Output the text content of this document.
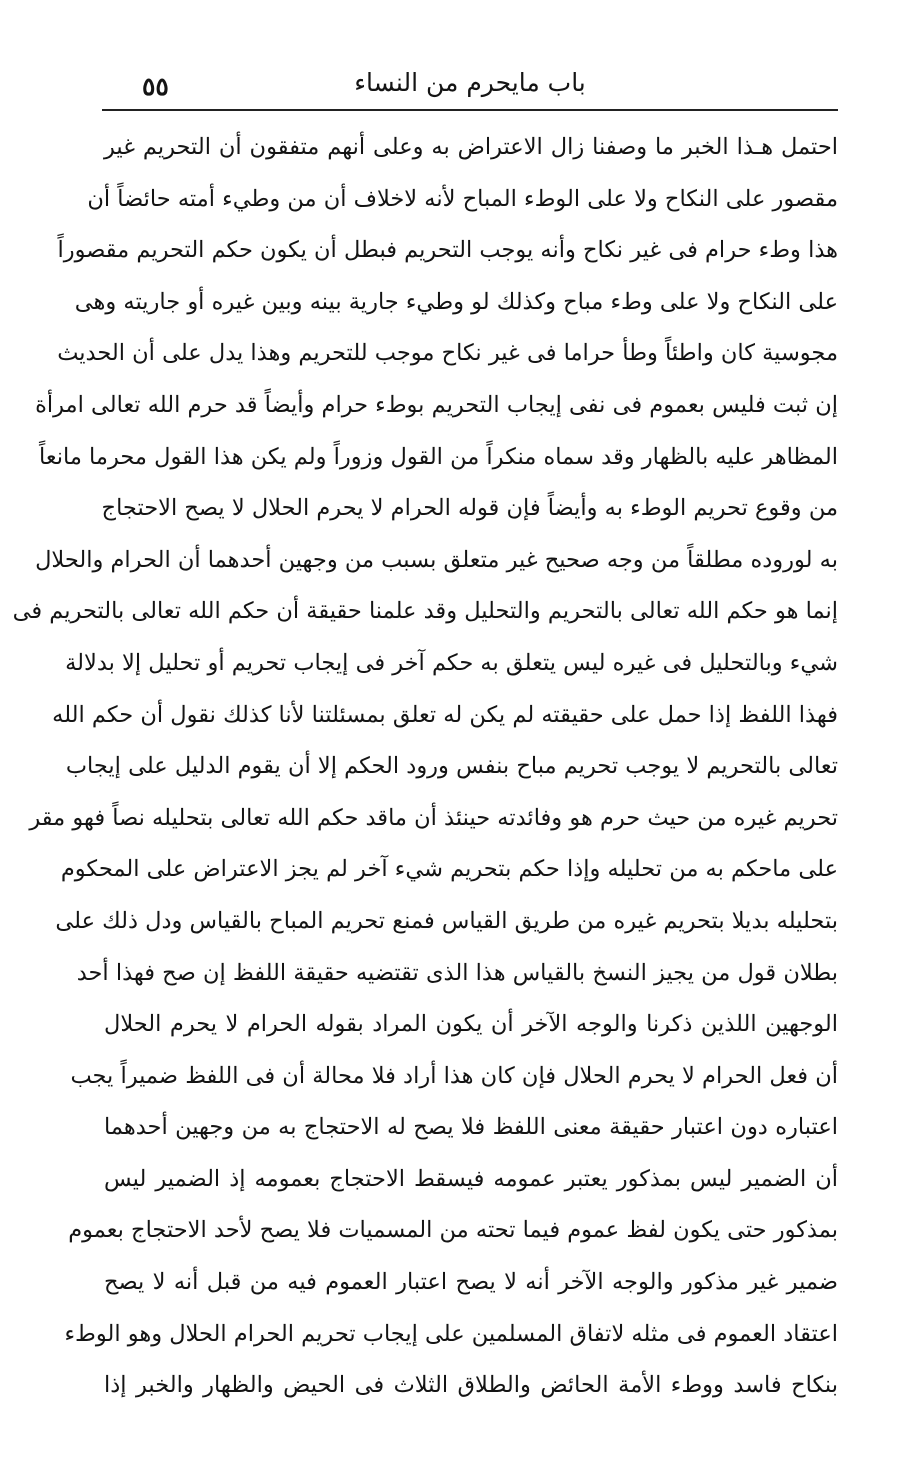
٥٥	باب مايحرم من النساء
احتمل هـذا الخبر ما وصفنا زال الاعتراض به وعلى أنهم متفقون أن التحريم غير
مقصور على النكاح ولا على الوطء المباح لأنه لاخلاف أن من وطيء أمته حائضاً أن
هذا وطء حرام فى غير نكاح وأنه يوجب التحريم فبطل أن يكون حكم التحريم مقصوراً
على النكاح ولا على وطء مباح وكذلك لو وطيء جارية بينه وبين غيره أو جاريته وهى
مجوسية كان واطئاً وطأ حراما فى غير نكاح موجب للتحريم وهذا يدل على أن الحديث
إن ثبت فليس بعموم فى نفى إيجاب التحريم بوطء حرام وأيضاً قد حرم الله تعالى امرأة
المظاهر عليه بالظهار وقد سماه منكراً من القول وزوراً ولم يكن هذا القول محرما مانعاً
من وقوع تحريم الوطء به وأيضاً فإن قوله الحرام لا يحرم الحلال لا يصح الاحتجاج
به لوروده مطلقاً من وجه صحيح غير متعلق بسبب من وجهين أحدهما أن الحرام والحلال
إنما هو حكم الله تعالى بالتحريم والتحليل وقد علمنا حقيقة أن حكم الله تعالى بالتحريم فى
شيء وبالتحليل فى غيره ليس يتعلق به حكم آخر فى إيجاب تحريم أو تحليل إلا بدلالة
فهذا اللفظ إذا حمل على حقيقته لم يكن له تعلق بمسئلتنا لأنا كذلك نقول أن حكم الله
تعالى بالتحريم لا يوجب تحريم مباح بنفس ورود الحكم إلا أن يقوم الدليل على إيجاب
تحريم غيره من حيث حرم هو وفائدته حينئذ أن ماقد حكم الله تعالى بتحليله نصاً فهو مقر
على ماحكم به من تحليله وإذا حكم بتحريم شيء آخر لم يجز الاعتراض على المحكوم
بتحليله بديلا بتحريم غيره من طريق القياس فمنع تحريم المباح بالقياس ودل ذلك على
بطلان قول من يجيز النسخ بالقياس هذا الذى تقتضيه حقيقة اللفظ إن صح فهذا أحد
الوجهين اللذين ذكرنا والوجه الآخر أن يكون المراد بقوله الحرام لا يحرم الحلال
أن فعل الحرام لا يحرم الحلال فإن كان هذا أراد فلا محالة أن فى اللفظ ضميراً يجب
اعتباره دون اعتبار حقيقة معنى اللفظ فلا يصح له الاحتجاج به من وجهين أحدهما
أن الضمير ليس بمذكور يعتبر عمومه فيسقط الاحتجاج بعمومه إذ الضمير ليس
بمذكور حتى يكون لفظ عموم فيما تحته من المسميات فلا يصح لأحد الاحتجاج بعموم
ضمير غير مذكور والوجه الآخر أنه لا يصح اعتبار العموم فيه من قبل أنه لا يصح
اعتقاد العموم فى مثله لاتفاق المسلمين على إيجاب تحريم الحرام الحلال وهو الوطء
بنكاح فاسد ووطء الأمة الحائض والطلاق الثلاث فى الحيض والظهار والخبر إذا
